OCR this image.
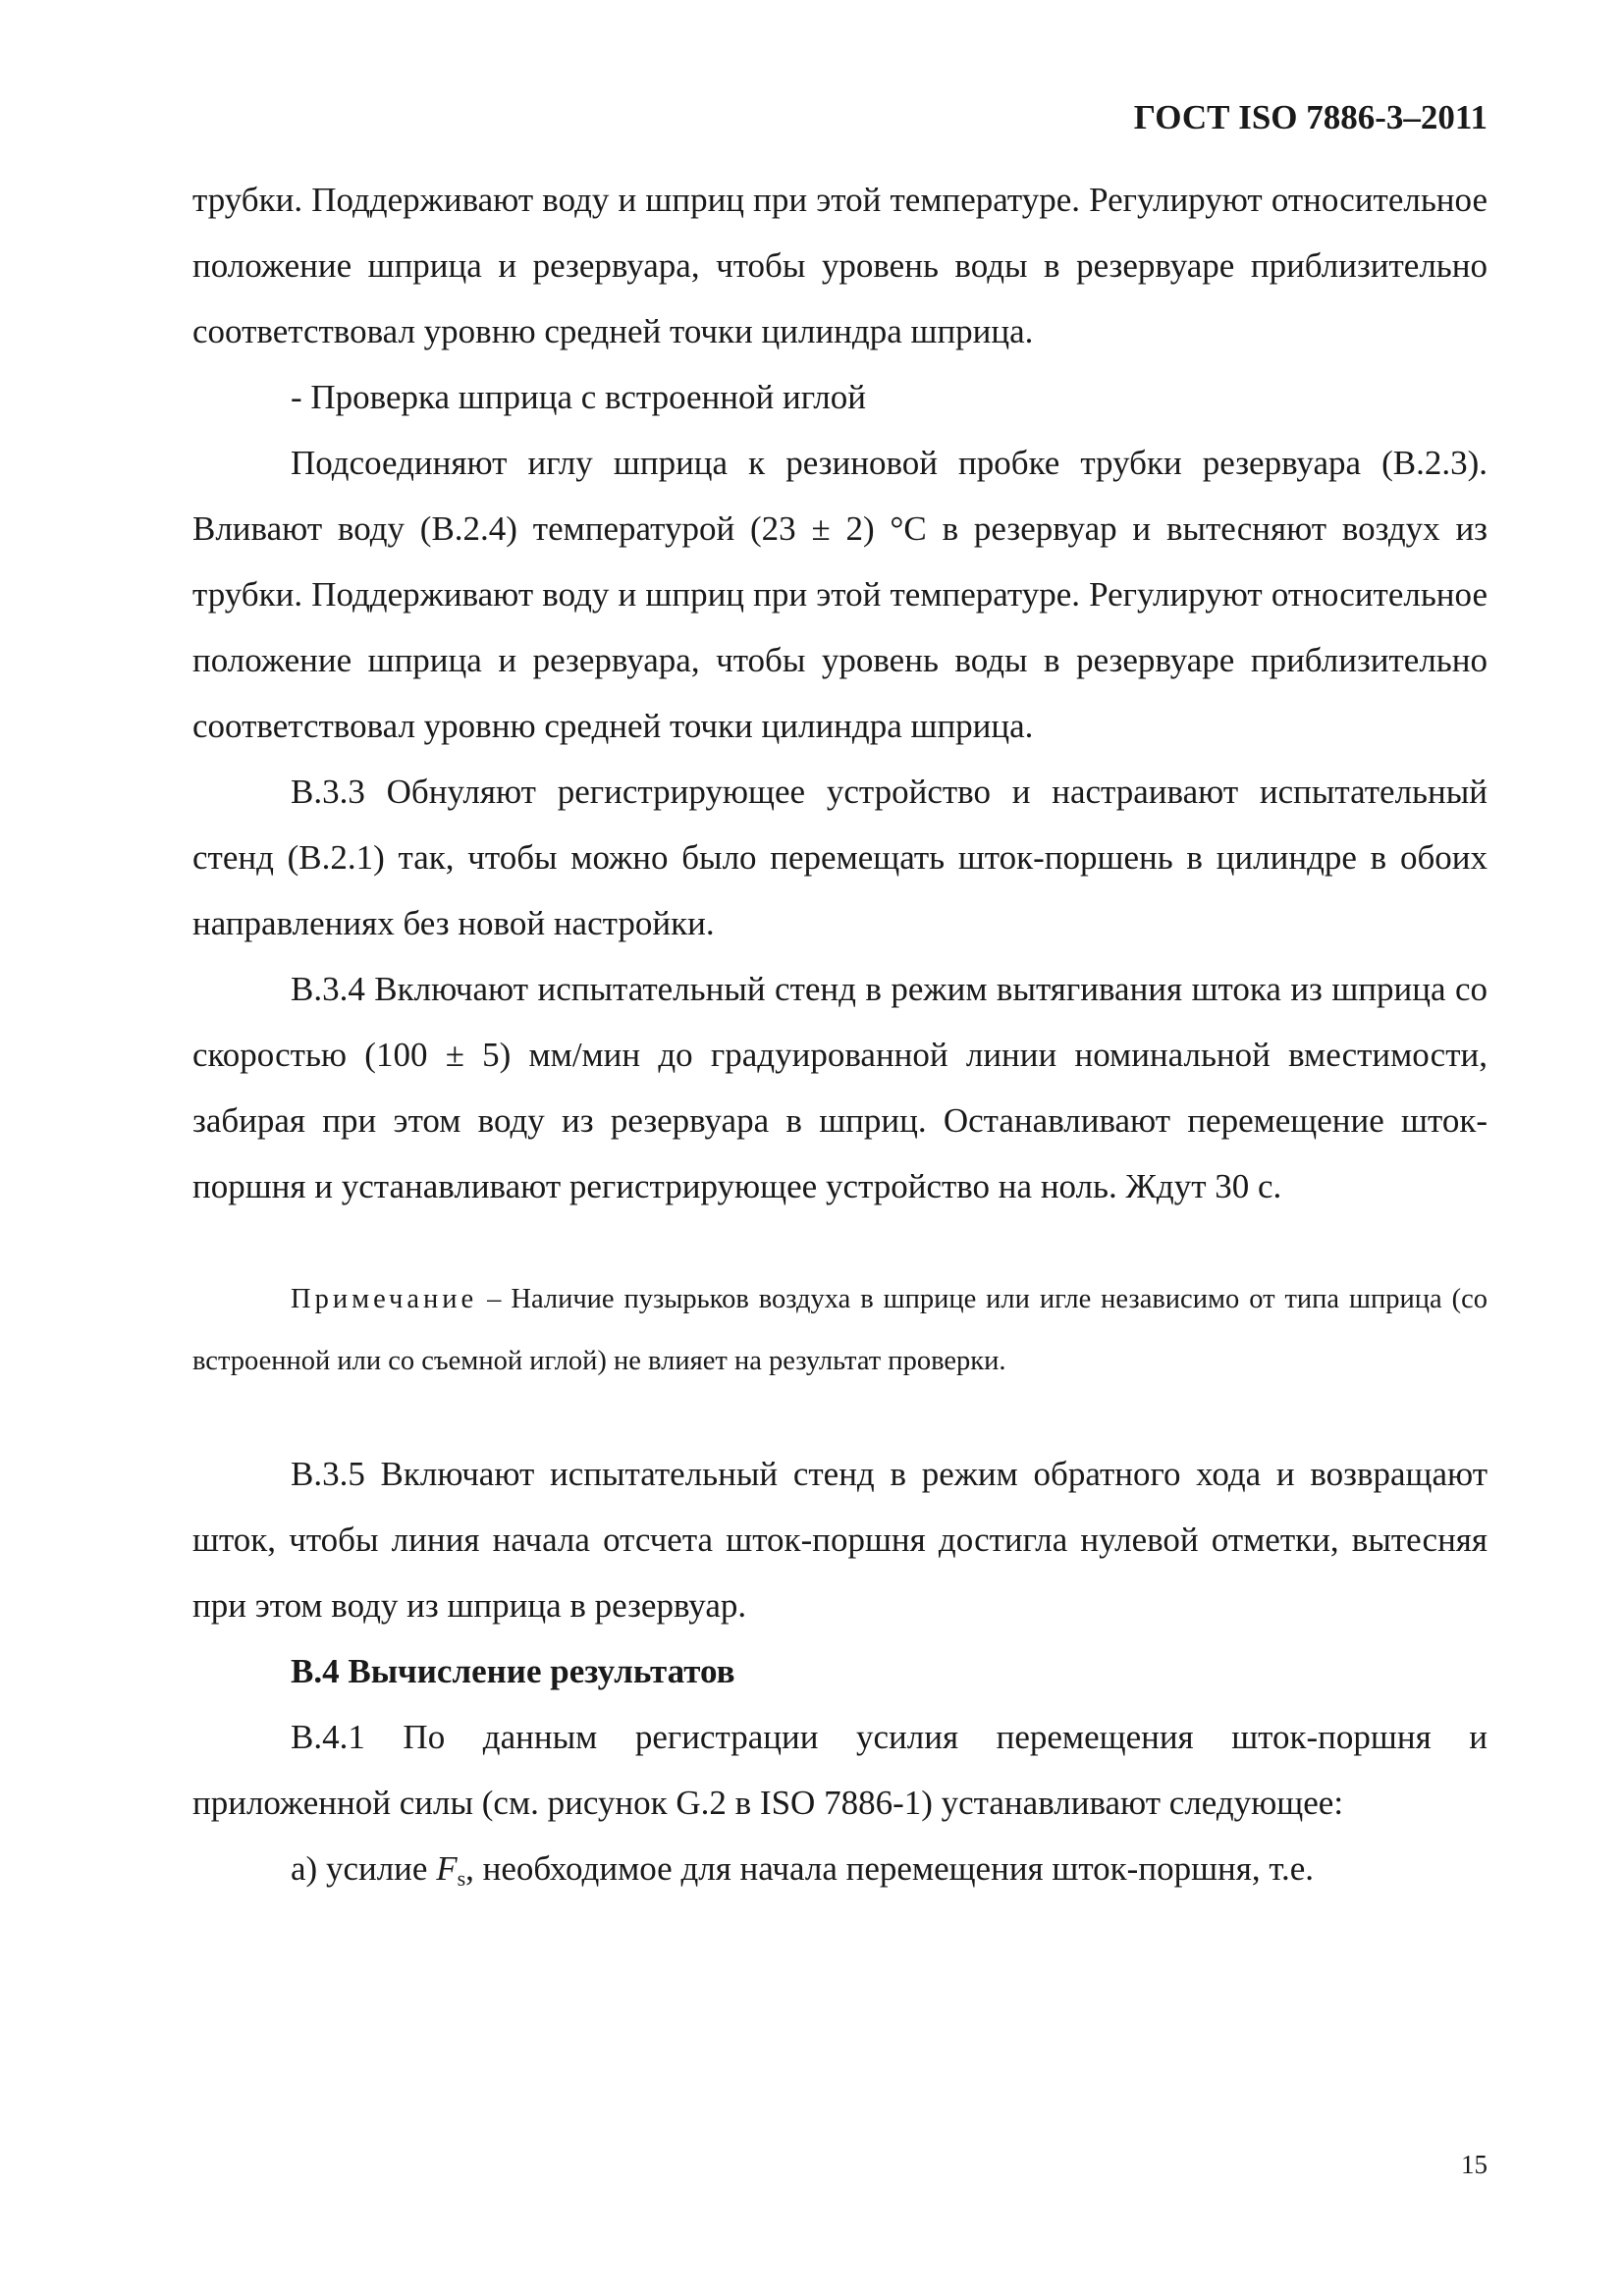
ГОСТ ISO 7886-3–2011

трубки. Поддерживают воду и шприц при этой температуре. Регулируют относительное положение шприца и резервуара, чтобы уровень воды в резервуаре приблизительно соответствовал уровню средней точки цилиндра шприца.

- Проверка шприца с встроенной иглой

Подсоединяют иглу шприца к резиновой пробке трубки резервуара (В.2.3). Вливают воду (В.2.4) температурой (23 ± 2) °С в резервуар и вытесняют воздух из трубки. Поддерживают воду и шприц при этой температуре. Регулируют относительное положение шприца и резервуара, чтобы уровень воды в резервуаре приблизительно соответствовал уровню средней точки цилиндра шприца.

В.3.3 Обнуляют регистрирующее устройство и настраивают испытательный стенд (В.2.1) так, чтобы можно было перемещать шток-поршень в цилиндре в обоих направлениях без новой настройки.

В.3.4 Включают испытательный стенд в режим вытягивания штока из шприца со скоростью (100 ± 5) мм/мин до градуированной линии номинальной вместимости, забирая при этом воду из резервуара в шприц. Останавливают перемещение шток-поршня и устанавливают регистрирующее устройство на ноль. Ждут 30 с.

Примечание – Наличие пузырьков воздуха в шприце или игле независимо от типа шприца (со встроенной или со съемной иглой) не влияет на результат проверки.

В.3.5 Включают испытательный стенд в режим обратного хода и возвращают шток, чтобы линия начала отсчета шток-поршня достигла нулевой отметки, вытесняя при этом воду из шприца в резервуар.

В.4 Вычисление результатов

В.4.1 По данным регистрации усилия перемещения шток-поршня и приложенной силы (см. рисунок G.2 в ISO 7886-1) устанавливают следующее:

а) усилие $F_s$, необходимое для начала перемещения шток-поршня, т.е.

15
